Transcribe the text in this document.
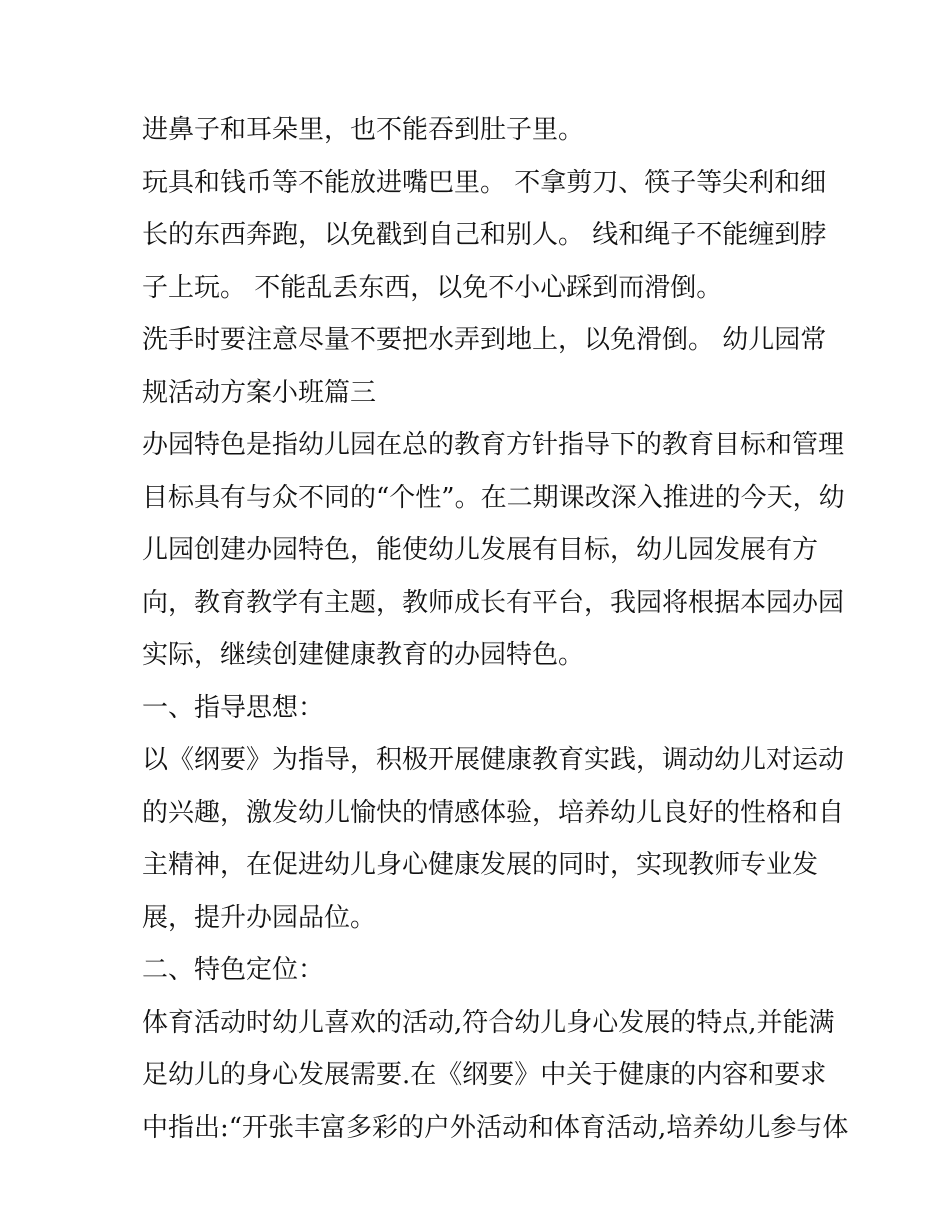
进鼻子和耳朵里，也不能吞到肚子里。
玩具和钱币等不能放进嘴巴里。 不拿剪刀、筷子等尖利和细
长的东西奔跑，以免戳到自己和别人。 线和绳子不能缠到脖
子上玩。 不能乱丢东西，以免不小心踩到而滑倒。
洗手时要注意尽量不要把水弄到地上，以免滑倒。 幼儿园常
规活动方案小班篇三
办园特色是指幼儿园在总的教育方针指导下的教育目标和管理
目标具有与众不同的“个性”。在二期课改深入推进的今天，幼
儿园创建办园特色，能使幼儿发展有目标，幼儿园发展有方
向，教育教学有主题，教师成长有平台，我园将根据本园办园
实际，继续创建健康教育的办园特色。
一、指导思想：
以《纲要》为指导，积极开展健康教育实践，调动幼儿对运动
的兴趣，激发幼儿愉快的情感体验，培养幼儿良好的性格和自
主精神，在促进幼儿身心健康发展的同时，实现教师专业发
展，提升办园品位。
二、特色定位：
体育活动时幼儿喜欢的活动,符合幼儿身心发展的特点,并能满
足幼儿的身心发展需要.在《纲要》中关于健康的内容和要求
中指出:“开张丰富多彩的户外活动和体育活动,培养幼儿参与体
